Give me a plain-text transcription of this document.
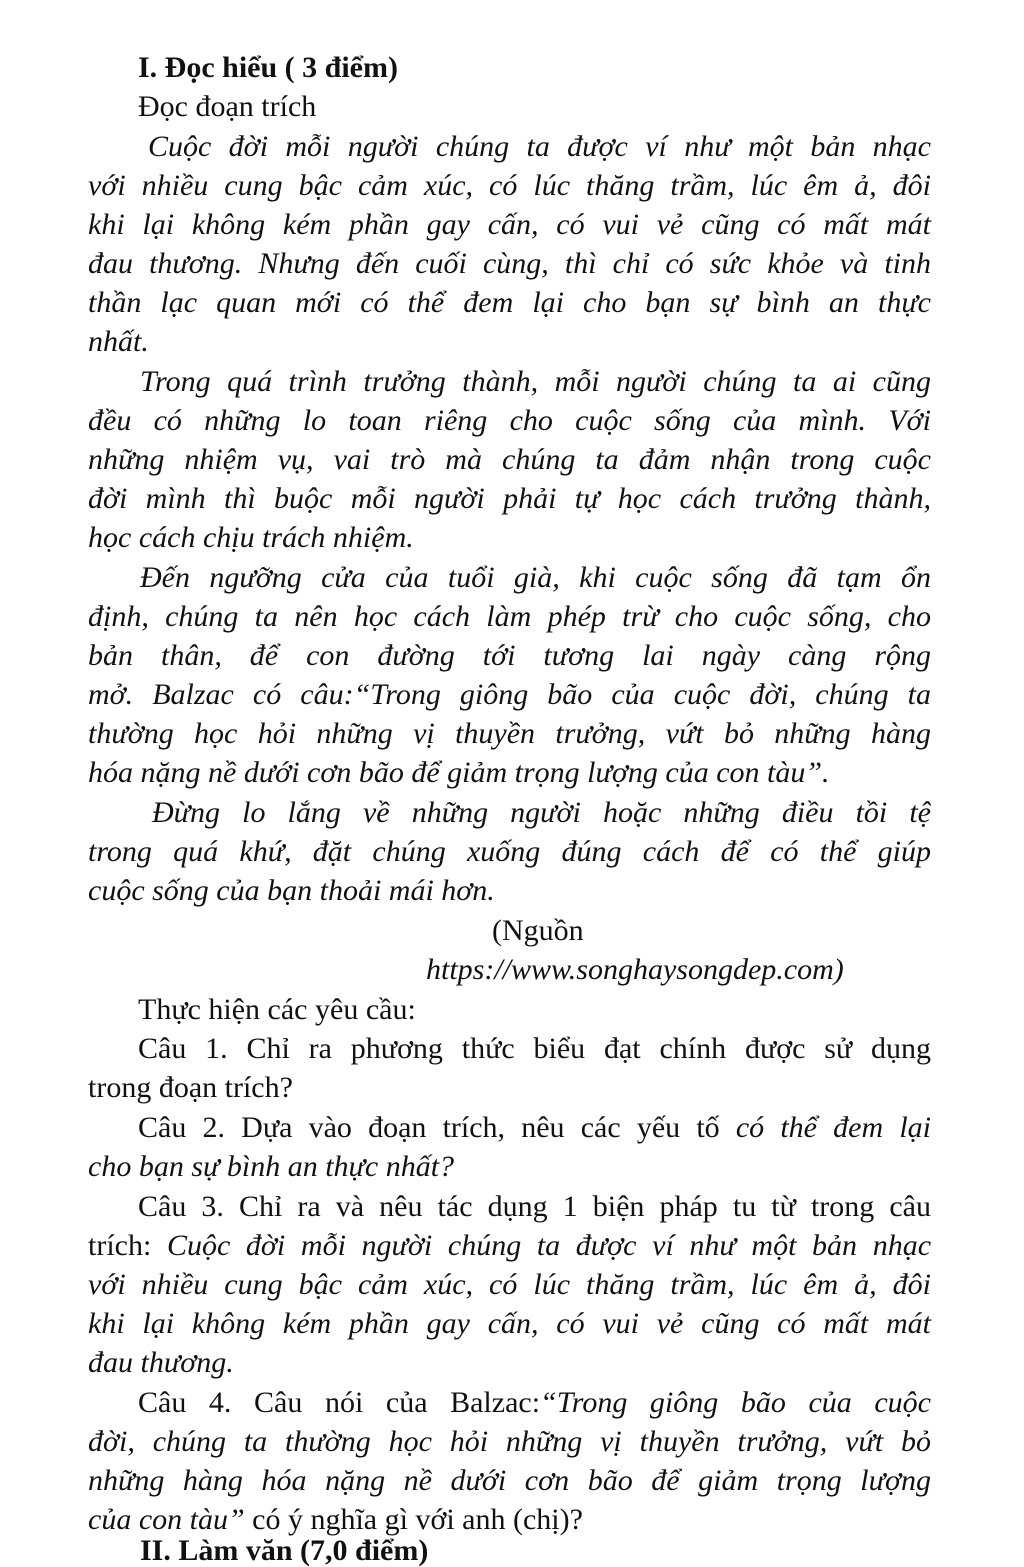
I. Đọc hiểu ( 3 điểm)
Đọc đoạn trích
Cuộc đời mỗi người chúng ta được ví như một bản nhạc
với nhiều cung bậc cảm xúc, có lúc thăng trầm, lúc êm ả, đôi
khi lại không kém phần gay cấn, có vui vẻ cũng có mất mát
đau thương. Nhưng đến cuối cùng, thì chỉ có sức khỏe và tinh
thần lạc quan mới có thể đem lại cho bạn sự bình an thực
nhất.
Trong quá trình trưởng thành, mỗi người chúng ta ai cũng
đều có những lo toan riêng cho cuộc sống của mình. Với
những nhiệm vụ, vai trò mà chúng ta đảm nhận trong cuộc
đời mình thì buộc mỗi người phải tự học cách trưởng thành,
học cách chịu trách nhiệm.
Đến ngưỡng cửa của tuổi già, khi cuộc sống đã tạm ổn
định, chúng ta nên học cách làm phép trừ cho cuộc sống, cho
bản thân, để con đường tới tương lai ngày càng rộng
mở. Balzac có câu:“Trong giông bão của cuộc đời, chúng ta
thường học hỏi những vị thuyền trưởng, vứt bỏ những hàng
hóa nặng nề dưới cơn bão để giảm trọng lượng của con tàu”.
Đừng lo lắng về những người hoặc những điều tồi tệ
trong quá khứ, đặt chúng xuống đúng cách để có thể giúp
cuộc sống của bạn thoải mái hơn.
(Nguồn
https://www.songhaysongdep.com)
Thực hiện các yêu cầu:
Câu 1. Chỉ ra phương thức biểu đạt chính được sử dụng
trong đoạn trích?
Câu 2. Dựa vào đoạn trích, nêu các yếu tố có thể đem lại
cho bạn sự bình an thực nhất?
Câu 3. Chỉ ra và nêu tác dụng 1 biện pháp tu từ trong câu
trích: Cuộc đời mỗi người chúng ta được ví như một bản nhạc
với nhiều cung bậc cảm xúc, có lúc thăng trầm, lúc êm ả, đôi
khi lại không kém phần gay cấn, có vui vẻ cũng có mất mát
đau thương.
Câu 4. Câu nói của Balzac:“Trong giông bão của cuộc
đời, chúng ta thường học hỏi những vị thuyền trưởng, vứt bỏ
những hàng hóa nặng nề dưới cơn bão để giảm trọng lượng
của con tàu” có ý nghĩa gì với anh (chị)?
II. Làm văn (7,0 điểm)
